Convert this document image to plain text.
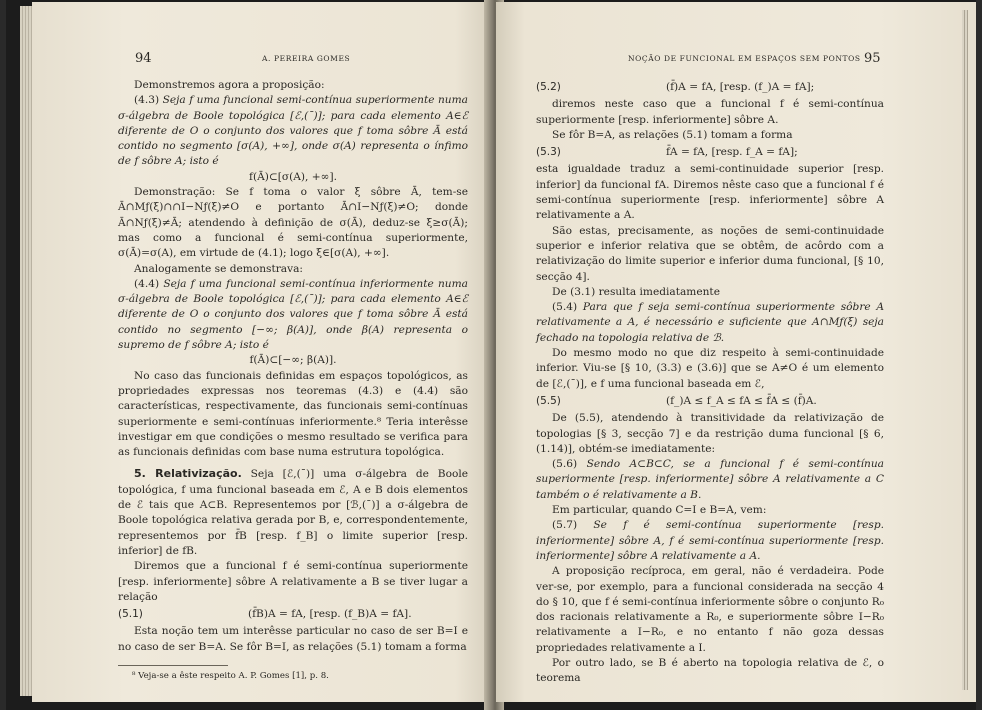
94	A. PEREIRA GOMES

Demonstremos agora a proposição:

(4.3) Seja f uma funcional semi-contínua superiormente numa σ-álgebra de Boole topológica [ℰ,(¯)]; para cada elemento A∈ℰ diferente de O o conjunto dos valores que f toma sôbre Ā está contido no segmento [σ(A), +∞], onde σ(A) representa o ínfimo de f sôbre A; isto é

f(Ā)⊂[σ(A), +∞].

Demonstração: Se f toma o valor ξ sôbre Ā, tem-se Ā∩Mƒ(ξ)∩∩I−Nƒ(ξ)≠O e portanto Ā∩I−Nƒ(ξ)≠O; donde Ā∩Nƒ(ξ)≠Ā; atendendo à definição de σ(Ā), deduz-se ξ≥σ(Ā); mas como a funcional é semi-contínua superiormente, σ(Ā)=σ(A), em virtude de (4.1); logo ξ∈[σ(A), +∞].

Analogamente se demonstrava:

(4.4) Seja f uma funcional semi-contínua inferiormente numa σ-álgebra de Boole topológica [ℰ,(¯)]; para cada elemento A∈ℰ diferente de O o conjunto dos valores que f toma sôbre Ā está contido no segmento [−∞; β(A)], onde β(A) representa o supremo de f sôbre A; isto é

f(Ā)⊂[−∞; β(A)].

No caso das funcionais definidas em espaços topológicos, as propriedades expressas nos teoremas (4.3) e (4.4) são características, respectivamente, das funcionais semi-contínuas superiormente e semi-contínuas inferiormente.⁸ Teria interêsse investigar em que condições o mesmo resultado se verifica para as funcionais definidas com base numa estrutura topológica.

5. Relativização. Seja [ℰ,(¯)] uma σ-álgebra de Boole topológica, f uma funcional baseada em ℰ, A e B dois elementos de ℰ tais que A⊂B. Representemos por [ℬ,(¯)] a σ-álgebra de Boole topológica relativa gerada por B, e, correspondentemente, representemos por f̄B [resp. f_B] o limite superior [resp. inferior] de fB.

Diremos que a funcional f é semi-contínua superiormente [resp. inferiormente] sôbre A relativamente a B se tiver lugar a relação

(5.1)	(f̄B)A = fA, [resp. (f_B)A = fA].

Esta noção tem um interêsse particular no caso de ser B=I e no caso de ser B=A. Se fôr B=I, as relações (5.1) tomam a forma

⁸ Veja-se a êste respeito A. P. Gomes [1], p. 8.

NOÇÃO DE FUNCIONAL EM ESPAÇOS SEM PONTOS 95
(5.2)	(f̄)A = fA, [resp. (f_)A = fA];

diremos neste caso que a funcional f é semi-contínua superiormente [resp. inferiormente] sôbre A.

Se fôr B=A, as relações (5.1) tomam a forma

(5.3)	f̄A = fA, [resp. f_A = fA];

esta igualdade traduz a semi-continuidade superior [resp. inferior] da funcional fA. Diremos nêste caso que a funcional f é semi-contínua superiormente [resp. inferiormente] sôbre A relativamente a A.

São estas, precisamente, as noções de semi-continuidade superior e inferior relativa que se obtêm, de acôrdo com a relativização do limite superior e inferior duma funcional, [§ 10, secção 4].

De (3.1) resulta imediatamente

(5.4) Para que f seja semi-contínua superiormente sôbre A relativamente a A, é necessário e suficiente que A∩Mƒ(ξ) seja fechado na topologia relativa de ℬ.

Do mesmo modo no que diz respeito à semi-continuidade inferior. Viu-se [§ 10, (3.3) e (3.6)] que se A≠O é um elemento de [ℰ,(¯)], e f uma funcional baseada em ℰ,

(5.5)	(f_)A ≤ f_A ≤ fA ≤ f̄A ≤ (f̄)A.

De (5.5), atendendo à transitividade da relativização de topologias [§ 3, secção 7] e da restrição duma funcional [§ 6, (1.14)], obtém-se imediatamente:

(5.6) Sendo A⊂B⊂C, se a funcional f é semi-contínua superiormente [resp. inferiormente] sôbre A relativamente a C também o é relativamente a B.

Em particular, quando C=I e B=A, vem:

(5.7) Se f é semi-contínua superiormente [resp. inferiormente] sôbre A, f é semi-contínua superiormente [resp. inferiormente] sôbre A relativamente a A.

A proposição recíproca, em geral, não é verdadeira. Pode ver-se, por exemplo, para a funcional considerada na secção 4 do § 10, que f é semi-contínua inferiormente sôbre o conjunto R₀ dos racionais relativamente a R₀, e superiormente sôbre I−R₀ relativamente a I−R₀, e no entanto f não goza dessas propriedades relativamente a I.

Por outro lado, se B é aberto na topologia relativa de ℰ, o teorema
